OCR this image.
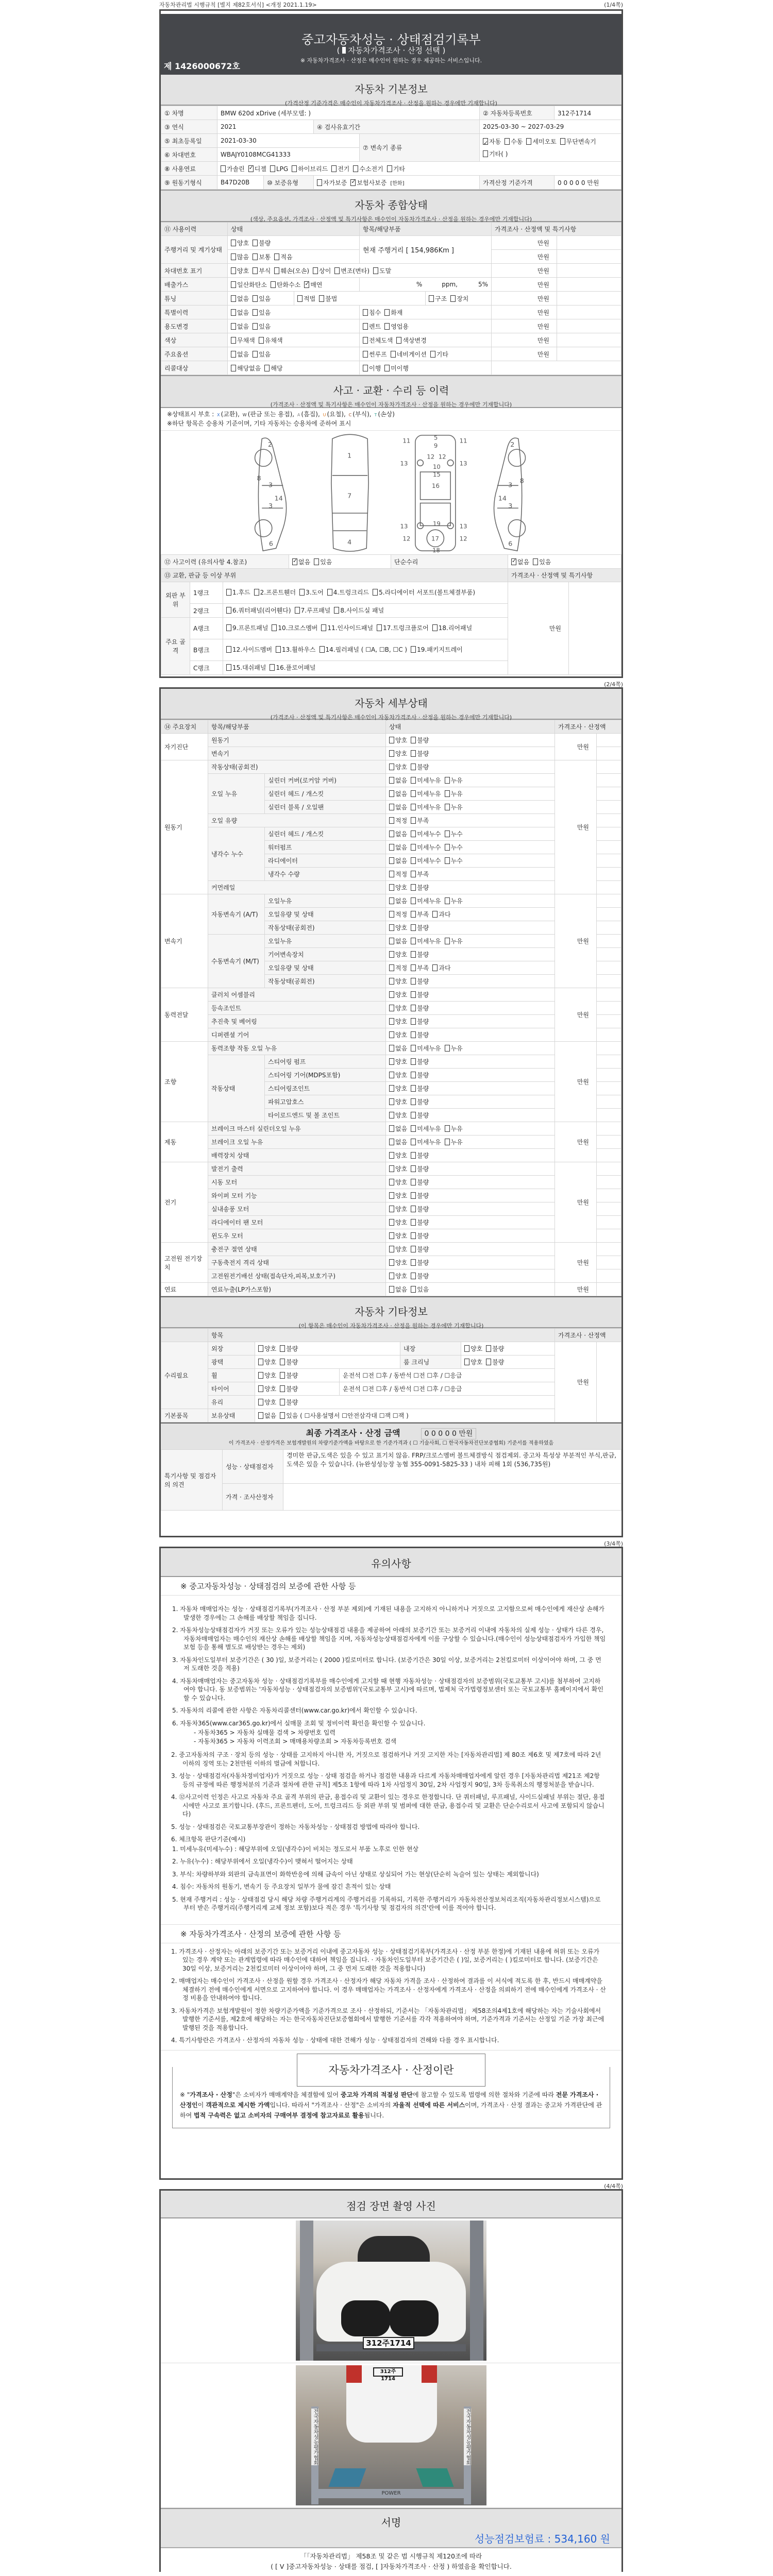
자동차관리법 시행규칙 [별지 제82호서식] <개정 2021.1.19>	(1/4쪽)
중고자동차성능 · 상태점검기록부
( 자동차가격조사 · 산정 선택 )
※ 자동차가격조사 · 산정은 매수인이 원하는 경우 제공하는 서비스입니다.
제 1426000672호
자동차 기본정보
(가격산정 기준가격은 매수인이 자동차가격조사 · 산정을 원하는 경우에만 기재합니다)
① 차명	BMW 620d xDrive (세부모델: )				② 자동차등록번호	312주1714
③ 연식	2021		④ 검사유효기간		2025-03-30 ~ 2027-03-29	
⑤ 최초등록일	2021-03-30			⑦ 변속기 종류	✓자동 수동 세미오토 무단변속기기타( )
⑥ 차대번호	WBAJY0108MCG41333					
⑧ 사용연료	가솔린 ✓ 디젤 LPG 하이브리드 전기 수소전기 기타
⑨ 원동기형식	B47D20B	⑩ 보증유형	자가보증 ✓ 보험사보증 [한화]		가격산정 기준가격	0 0 0 0 0 만원
자동차 종합상태
(색상, 주요옵션, 가격조사 · 산정액 및 특기사항은 매수인이 자동차가격조사 · 산정을 원하는 경우에만 기재합니다)
⑪ 사용이력	상태		항목/해당부품		가격조사 · 산정액 및 특기사항	
주행거리 및 계기상태	양호 불량		현재 주행거리 [ 154,986Km ]		만원	
	많음 보통 적음				만원	
차대번호 표기	양호 부식 훼손(오손) 상이 변조(변타) 도말				만원	
배출가스	일산화탄소 탄화수소 ✓ 매연		% ppm, 5%		만원	
튜닝	없음 있음	적법 불법		구조 장치	만원	
특별이력	없음 있음		침수 화재		만원	
용도변경	없음 있음		렌트 영업용		만원	
색상	무채색 유채색		전체도색 색상변경		만원	
주요옵션	없음 있음		썬루프 네비게이션 기타		만원	
리콜대상	해당없음 해당		이행 미이행			
사고 · 교환 · 수리 등 이력
(가격조사 · 산정액 및 특기사항은 매수인이 자동차가격조사 · 산정을 원하는 경우에만 기재합니다)
※상태표시 부호 : X (교환), W (판금 또는 용접), A (흠집), U (요철), C (부식), T (손상)
※하단 항목은 승용차 기준이며, 기타 자동차는 승용차에 준하여 표시
2
3
3
8
14
6
1
7
4
5
9
11	11
13	13
12 12
10
15
16
19
17
18
13	13
12	12
2
3
3
8
14
6
⑫ 사고이력 (유의사항 4.참조)	✓없음 있음	단순수리	✓없음 있음
⑬ 교환, 판금 등 이상 부위					가격조사 · 산정액 및 특기사항	
외판 부위	1랭크	1.후드 2.프론트휀더 3.도어 4.트렁크리드 5.라디에이터 서포트(볼트체결부품)			만원	
	2랭크	6.쿼터패널(리어휀다) 7.루프패널 8.사이드실 패널				
주요 골격	A랭크	9.프론트패널 10.크로스멤버 11.인사이드패널 17.트렁크플로어 18.리어패널				
	B랭크	12.사이드멤버 13.휠하우스 14.필러패널 ( ☐A, ☐B, ☐C ) 19.패키지트레이				
	C랭크	15.대쉬패널 16.플로어패널				
(2/4쪽)
자동차 세부상태
(가격조사 · 산정액 및 특기사항은 매수인이 자동차가격조사 · 산정을 원하는 경우에만 기재합니다)
⑭ 주요장치	항목/해당부품		상태	가격조사 · 산정액	
자기진단	원동기		양호 불량	만원	
	변속기		양호 불량		
원동기	작동상태(공회전)		양호 불량	만원	
	오일 누유	실린더 커버(로커암 커버)	없음 미세누유 누유		
		실린더 헤드 / 개스킷	없음 미세누유 누유		
		실린더 블록 / 오일팬	없음 미세누유 누유		
	오일 유량		적정 부족		
	냉각수 누수	실린더 헤드 / 개스킷	없음 미세누수 누수		
		워터펌프	없음 미세누수 누수		
		라디에이터	없음 미세누수 누수		
		냉각수 수량	적정 부족		
	커먼레일		양호 불량		
변속기	자동변속기 (A/T)	오일누유	없음 미세누유 누유	만원	
		오일유량 및 상태	적정 부족 과다		
		작동상태(공회전)	양호 불량		
	수동변속기 (M/T)	오일누유	없음 미세누유 누유		
		기어변속장치	양호 불량		
		오일유량 및 상태	적정 부족 과다		
		작동상태(공회전)	양호 불량		
동력전달	클러치 어셈블리		양호 불량	만원	
	등속조인트		양호 불량		
	추진축 및 베어링		양호 불량		
	디퍼렌셜 기어		양호 불량		
조향	동력조향 작동 오일 누유		없음 미세누유 누유	만원	
	작동상태	스티어링 펌프	양호 불량		
		스티어링 기어(MDPS포함)	양호 불량		
		스티어링조인트	양호 불량		
		파워고압호스	양호 불량		
		타이로드엔드 및 볼 조인트	양호 불량		
제동	브레이크 마스터 실린더오일 누유		없음 미세누유 누유	만원	
	브레이크 오일 누유		없음 미세누유 누유		
	배력장치 상태		양호 불량		
전기	발전기 출력		양호 불량	만원	
	시동 모터		양호 불량		
	와이퍼 모터 기능		양호 불량		
	실내송풍 모터		양호 불량		
	라디에이터 팬 모터		양호 불량		
	윈도우 모터		양호 불량		
고전원 전기장치	충전구 절연 상태		양호 불량	만원	
	구동축전지 격리 상태		양호 불량		
	고전원전기배선 상태(접속단자,피복,보호기구)		양호 불량		
연료	연료누출(LP가스포함)		없음 있음	만원	
자동차 기타정보
(이 항목은 매수인이 자동차가격조사 · 산정을 원하는 경우에만 기재합니다)
	항목					가격조사 · 산정액	
수리필요	외장	양호 불량		내장	양호 불량	만원	
	광택	양호 불량		룸 크리닝	양호 불량		
	휠	양호 불량	운전석 ☐전 ☐후 / 동반석 ☐전 ☐후 / ☐응급				
	타이어	양호 불량	운전석 ☐전 ☐후 / 동반석 ☐전 ☐후 / ☐응급				
	유리	양호 불량					
기본품목	보유상태	없음 있음 ( ☐사용설명서 ☐안전삼각대 ☐잭 ☐잭 )					
최종 가격조사 · 산정 금액	0 0 0 0 0 만원
이 가격조사 · 산정가격은 보험개발원의 차량기준가액을 바탕으로 한 기준가격과 ( ☐ 기술사회, ☐ 한국자동차진단보증협회) 기준서를 적용하였음
특기사항 및 점검자의 의견	성능 · 상태점검자	경미한 판금,도색은 있을 수 있고 표기치 않음. FRP/크로스멤버 볼트체결방식 점검제외. 중고차 특성상 부분적인 부식,판금,도색은 있을 수 있습니다. (뉴완성성능장 농협 355-0091-5825-33 ) 내차 피해 1회 (536,735원)
	가격 · 조사산정자	
(3/4쪽)
유의사항
※ 중고자동차성능 · 상태점검의 보증에 관한 사항 등
1. 자동차 매매업자는 성능 · 상태점검기록부(가격조사 · 산정 부분 제외)에 기재된 내용을 고지하지 아니하거나 거짓으로 고지함으로써 매수인에게 재산상 손해가 발생한 경우에는 그 손해를 배상할 책임을 집니다.
2. 자동차성능상태점검자가 거짓 또는 오류가 있는 성능상태점검 내용을 제공하여 아래의 보증기간 또는 보증거리 이내에 자동차의 실제 성능 · 상태가 다른 경우, 자동차매매업자는 매수인의 재산상 손해를 배상할 책임을 지며, 자동차성능상태점검자에게 이를 구상할 수 있습니다.(매수인이 성능상태점검자가 가입한 책임보험 등을 통해 별도로 배상받는 경우는 제외)
3. 자동차인도일부터 보증기간은 ( 30 )일, 보증거리는 ( 2000 )킬로미터로 합니다. (보증기간은 30일 이상, 보증거리는 2천킬로미터 이상이어야 하며, 그 중 먼저 도래한 것을 적용)
4. 자동차매매업자는 중고자동차 성능 · 상태점검기록부를 매수인에게 고지할 때 현행 자동차성능 · 상태점검자의 보증범위(국토교통부 고시)를 첨부하여 고지하여야 합니다. 동 보증범위는 '자동차성능 · 상태점검자의 보증범위'(국토교통부 고시)에 따르며, 법제처 국가법령정보센터 또는 국토교통부 홈페이지에서 확인할 수 있습니다.
5. 자동차의 리콜에 관한 사항은 자동차리콜센터(www.car.go.kr)에서 확인할 수 있습니다.
6. 자동차365(www.car365.go.kr)에서 실매물 조회 및 정비이력 확인을 확인할 수 있습니다.
- 자동차365 > 자동차 실매물 검색 > 차량번호 입력
- 자동차365 > 자동차 이력조회 > 매매용차량조회 > 자동차등록번호 검색
2. 중고자동차의 구조 · 장치 등의 성능 · 상태를 고지하지 아니한 자, 거짓으로 점검하거나 거짓 고지한 자는 [자동차관리법] 제 80조 제6호 및 제7호에 따라 2년 이하의 징역 또는 2천만원 이하의 벌금에 처합니다.
3. 성능 · 상태점검자(자동차정비업자)가 거짓으로 성능 · 상태 점검을 하거나 점검한 내용과 다르게 자동차매매업자에게 알린 경우 [자동차관리법 제21조 제2항 등의 규정에 따른 행정처분의 기준과 절차에 관한 규칙] 제5조 1항에 따라 1차 사업정지 30일, 2차 사업정지 90일, 3차 등록취소의 행정처분을 받습니다.
4. ⑫사고이력 인정은 사고로 자동차 주요 골격 부위의 판금, 용접수리 및 교환이 있는 경우로 한정합니다. 단 쿼터패널, 루프패널, 사이드실패널 부위는 절단, 용접 시에만 사고로 표기합니다. (후드, 프론트펜더, 도어, 트렁크리드 등 외판 부위 및 범퍼에 대한 판금, 용접수리 및 교환은 단순수리로서 사고에 포함되지 않습니다)
5. 성능 · 상태점검은 국토교통부장관이 정하는 자동차성능 · 상태점검 방법에 따라야 합니다.
6. 체크항목 판단기준(예시)
1. 미세누유(미세누수) : 해당부위에 오일(냉각수)이 비치는 정도로서 부품 노후로 인한 현상
2. 누유(누수) : 해당부위에서 오일(냉각수)이 맺혀서 떨어지는 상태
3. 부식: 차량하부와 외판의 금속표면이 화학반응에 의해 금속이 아닌 상태로 상실되어 가는 현상(단순히 녹슬어 있는 상태는 제외합니다)
4. 침수: 자동차의 원동기, 변속기 등 주요장치 일부가 물에 잠긴 흔적이 있는 상태
5. 현재 주행거리 : 성능 · 상태점검 당시 해당 차량 주행거리계의 주행거리를 기록하되, 기록한 주행거리가 자동차전산정보처리조직(자동차관리정보시스템)으로부터 받은 주행거리(주행거리계 교체 정보 포함)보다 적은 경우 '특기사항 및 점검자의 의견'란에 이를 적어야 합니다.
※ 자동차가격조사 · 산정의 보증에 관한 사항 등
1. 가격조사 · 산정자는 아래의 보증기간 또는 보증거리 이내에 중고자동차 성능 · 상태점검기록부(가격조사 · 산정 부분 한정)에 기재된 내용에 허위 또는 오류가 있는 경우 계약 또는 관계법령에 따라 매수인에 대하여 책임을 집니다. · 자동차인도일부터 보증기간은 ( )일, 보증거리는 ( )킬로미터로 합니다. (보증기간은 30일 이상, 보증거리는 2천킬로미터 이상이어야 하며, 그 중 먼저 도래한 것을 적용합니다)
2. 매매업자는 매수인이 가격조사 · 산정을 원할 경우 가격조사 · 산정자가 해당 자동차 가격을 조사 · 산정하여 결과를 이 서식에 적도록 한 후, 반드시 매매계약을 체결하기 전에 매수인에게 서면으로 고지하여야 합니다. 이 경우 매매업자는 가격조사 · 산정자에게 가격조사 · 산정을 의뢰하기 전에 매수인에게 가격조사 · 산정 비용을 안내하여야 합니다.
3. 자동차가격은 보험개발원이 정한 차량기준가액을 기준가격으로 조사 · 산정하되, 기준서는 「자동차관리법」 제58조의4제1호에 해당하는 자는 기술사회에서 발행한 기준서를, 제2호에 해당하는 자는 한국자동차진단보증협회에서 발행한 기준서를 각각 적용하여야 하며, 기준가격과 기준서는 산정일 기준 가장 최근에 발행된 것을 적용합니다.
4. 특기사항란은 가격조사 · 산정자의 자동차 성능 · 상태에 대한 견해가 성능 · 상태점검자의 견해와 다를 경우 표시합니다.
자동차가격조사 · 산정이란

※ "가격조사 · 산정"은 소비자가 매매계약을 체결함에 있어 중고차 가격의 적절성 판단에 참고할 수 있도록 법령에 의한 절차와 기준에 따라 전문 가격조사 · 산정인이 객관적으로 제시한 가액입니다. 따라서 "가격조사 · 산정"은 소비자의 자율적 선택에 따른 서비스이며, 가격조사 · 산정 결과는 중고차 가격판단에 관하여 법적 구속력은 없고 소비자의 구매여부 결정에 참고자료로 활용됩니다.

(4/4쪽)
점검 장면 촬영 사진
312주1714
312주1714
POWER
전국자동차성능평가협회	전국자동차성능평가협회
서명
성능점검보험료 : 534,160 원
「「자동차관리법」 제58조 및 같은 법 시행규칙 제120조에 따라
( [ V ]중고자동차성능 · 상태를 점검, [ ]자동차가격조사 · 산정 ) 하였음을 확인합니다.
